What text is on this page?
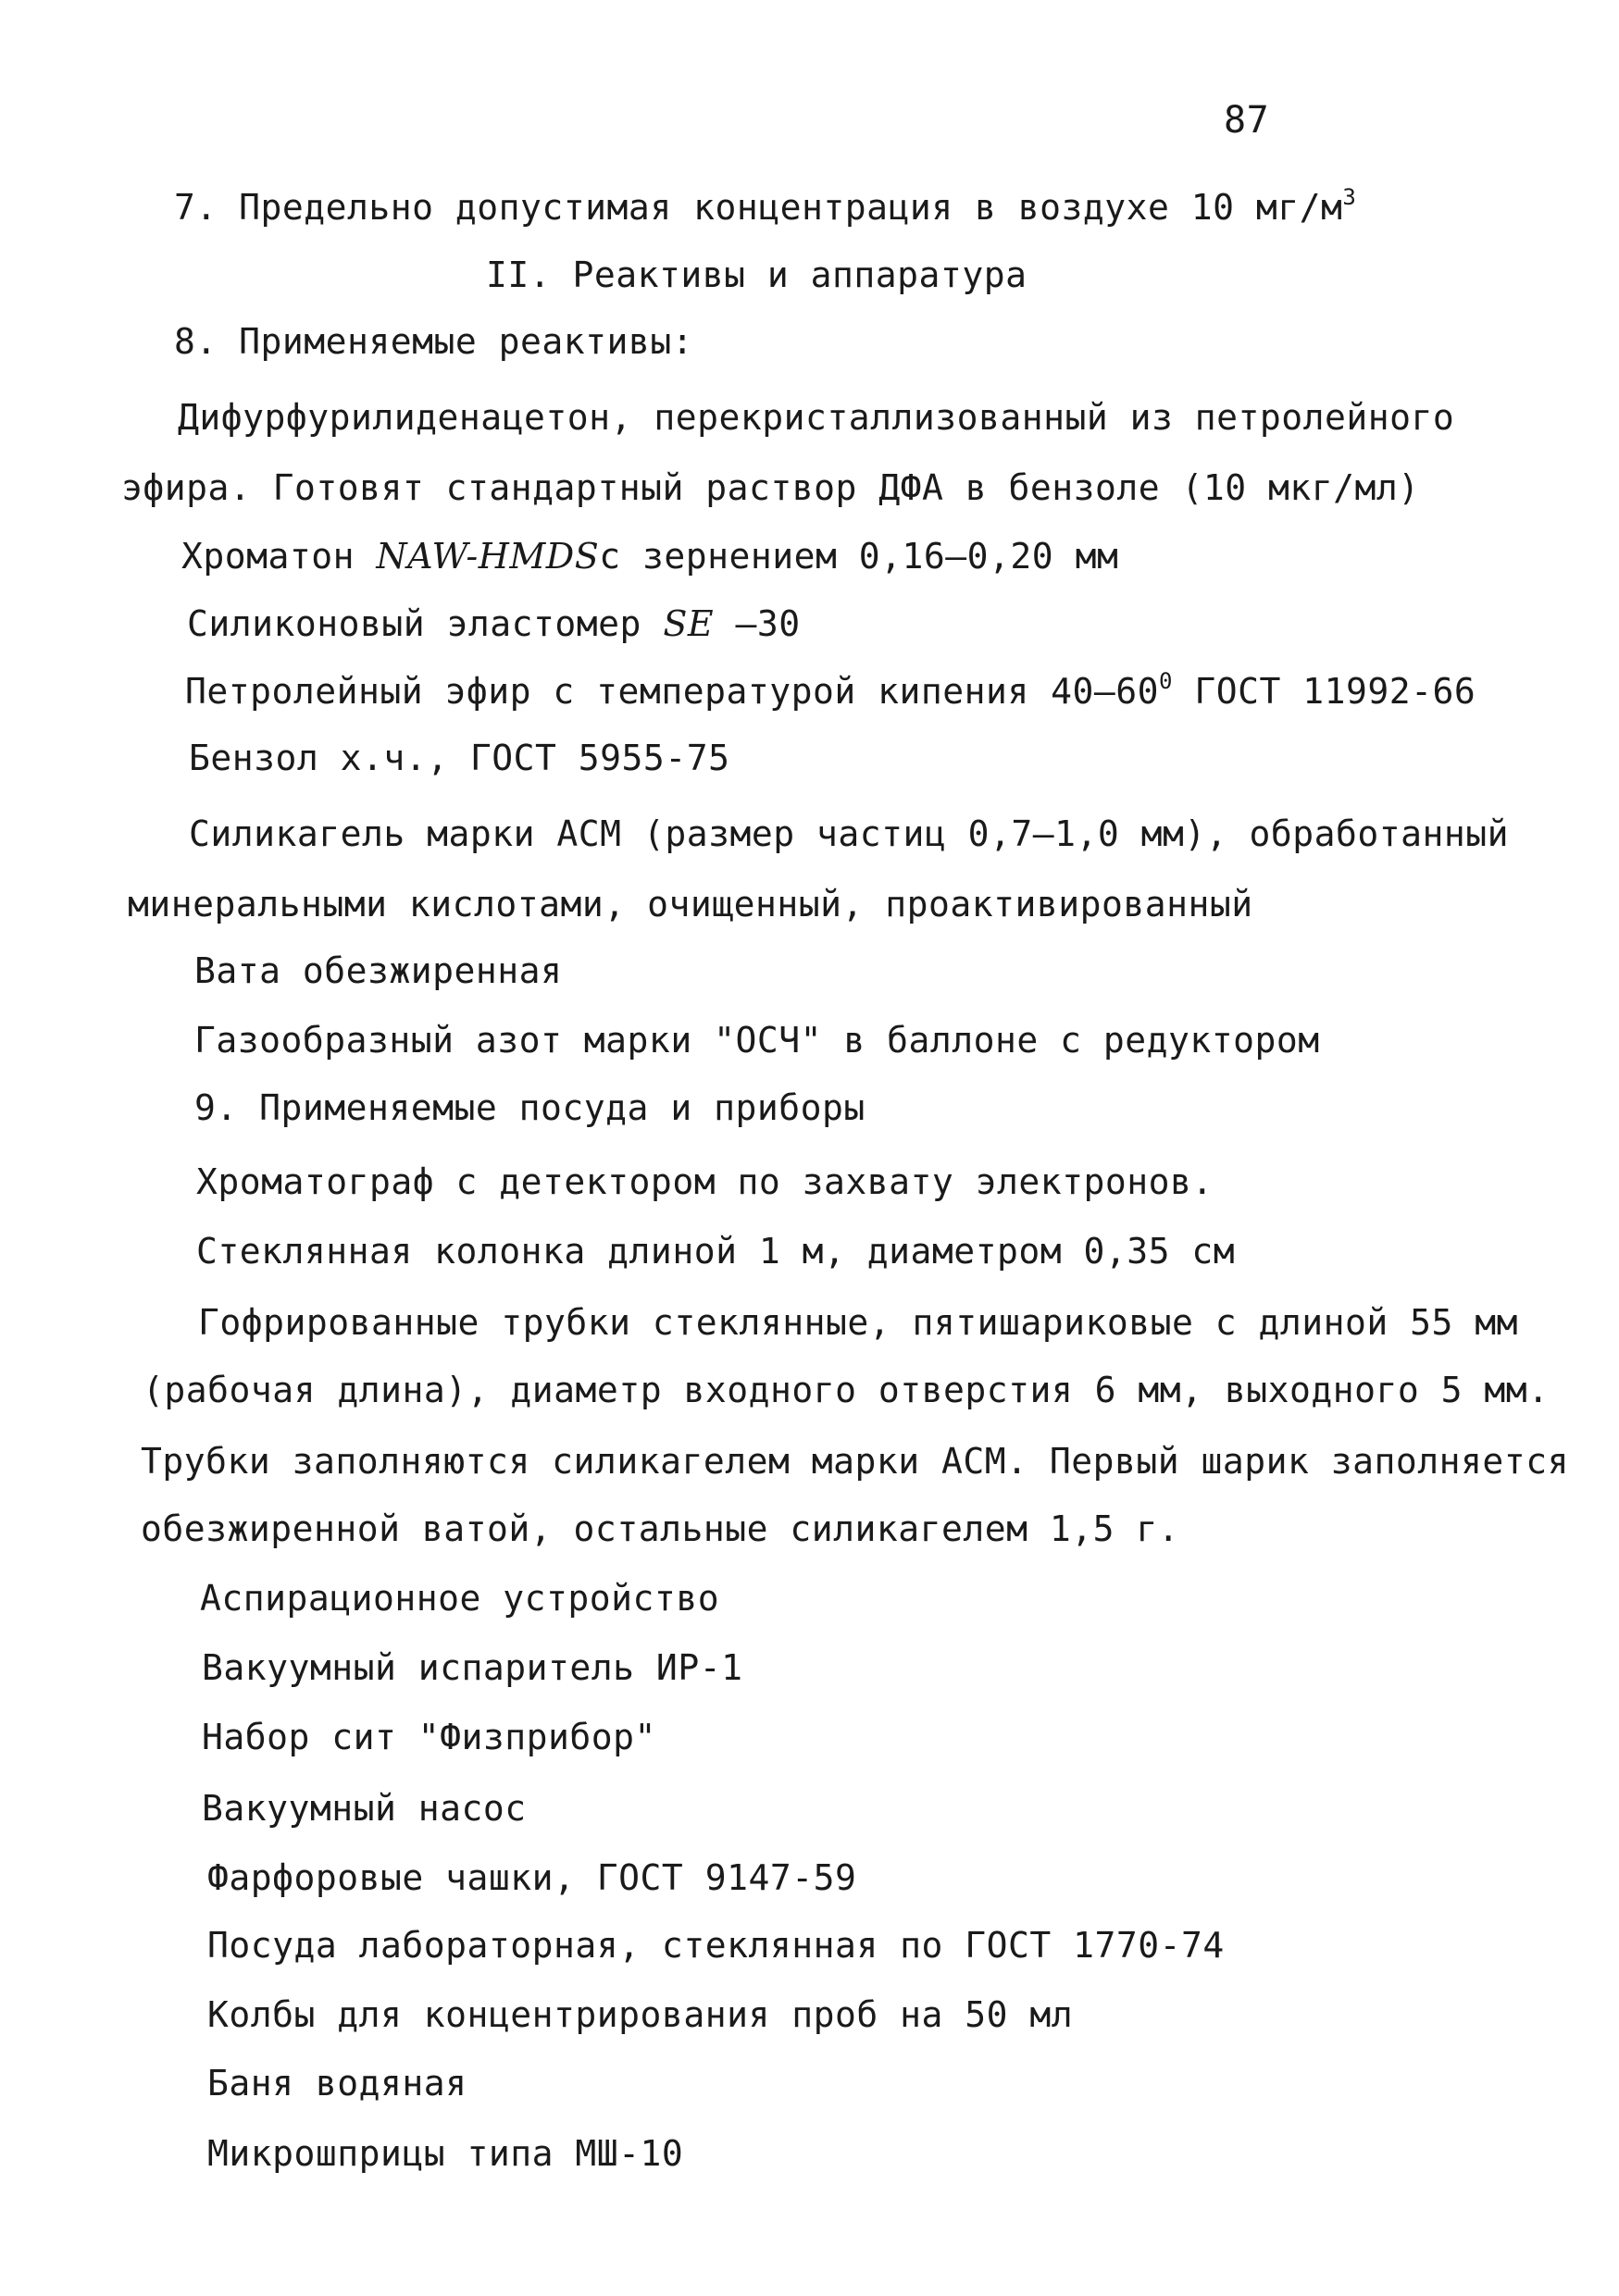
87
7. Предельно допустимая концентрация в воздухе 10 $мг/м^3$
II. Реактивы и аппаратура
8. Применяемые реактивы:
Дифурфурилиденацетон, перекристаллизованный из петролейного
эфира. Готовят стандартный раствор ДФА в бензоле (10 мкг/мл)
Хроматон NAW-HMDSс зернением 0,16–0,20 мм
Силиконовый эластомер SE –30
Петролейный эфир с температурой кипения $40-60^0$ ГОСТ 11992-66
Бензол х.ч., ГОСТ 5955-75
Силикагель марки АСМ (размер частиц 0,7–1,0 мм), обработанный
минеральными кислотами, очищенный, проактивированный
Вата обезжиренная
Газообразный азот марки "ОСЧ" в баллоне с редуктором
9. Применяемые посуда и приборы
Хроматограф с детектором по захвату электронов.
Стеклянная колонка длиной 1 м, диаметром 0,35 см
Гофрированные трубки стеклянные, пятишариковые с длиной 55 мм
(рабочая длина), диаметр входного отверстия 6 мм, выходного 5 мм.
Трубки заполняются силикагелем марки АСМ. Первый шарик заполняется
обезжиренной ватой, остальные силикагелем 1,5 г.
Аспирационное устройство
Вакуумный испаритель ИР-1
Набор сит "Физприбор"
Вакуумный насос
Фарфоровые чашки, ГОСТ 9147-59
Посуда лабораторная, стеклянная по ГОСТ 1770-74
Колбы для концентрирования проб на 50 мл
Баня водяная
Микрошприцы типа МШ-10
